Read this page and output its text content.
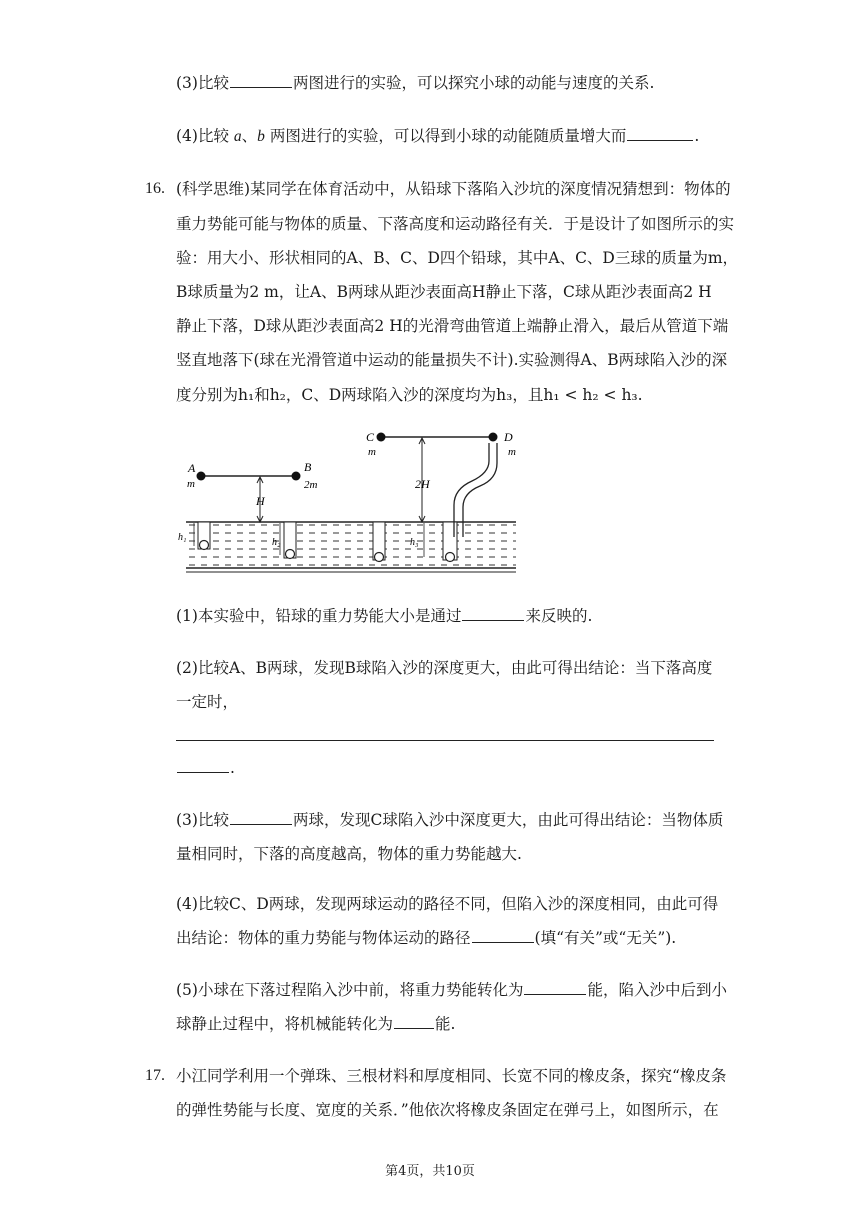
(3)比较	两图进行的实验，可以探究小球的动能与速度的关系.
(4)比较 a、b 两图进行的实验，可以得到小球的动能随质量增大而	.
16. (科学思维)某同学在体育活动中，从铅球下落陷入沙坑的深度情况猜想到：物体的
重力势能可能与物体的质量、下落高度和运动路径有关．于是设计了如图所示的实
验：用大小、形状相同的A、B、C、D四个铅球，其中A、C、D三球的质量为m，
B球质量为2 m，让A、B两球从距沙表面高H静止下落，C球从距沙表面高2 H
静止下落，D球从距沙表面高2 H的光滑弯曲管道上端静止滑入，最后从管道下端
竖直地落下(球在光滑管道中运动的能量损失不计).实验测得A、B两球陷入沙的深
度分别为h₁和h₂，C、D两球陷入沙的深度均为h₃，且h₁ < h₂ < h₃.
A
m
B
2m
H
h₁	h₂
C
m
D
m
2H
h₃
(1)本实验中，铅球的重力势能大小是通过	来反映的.
(2)比较A、B两球，发现B球陷入沙的深度更大，由此可得出结论：当下落高度
一定时，
.
(3)比较	两球，发现C球陷入沙中深度更大，由此可得出结论：当物体质
量相同时，下落的高度越高，物体的重力势能越大.
(4)比较C、D两球，发现两球运动的路径不同，但陷入沙的深度相同，由此可得
出结论：物体的重力势能与物体运动的路径	(填“有关”或“无关”).
(5)小球在下落过程陷入沙中前，将重力势能转化为	能，陷入沙中后到小
球静止过程中，将机械能转化为	能.
17. 小江同学利用一个弹珠、三根材料和厚度相同、长宽不同的橡皮条，探究“橡皮条
的弹性势能与长度、宽度的关系．”他依次将橡皮条固定在弹弓上，如图所示，在
第4页，共10页
